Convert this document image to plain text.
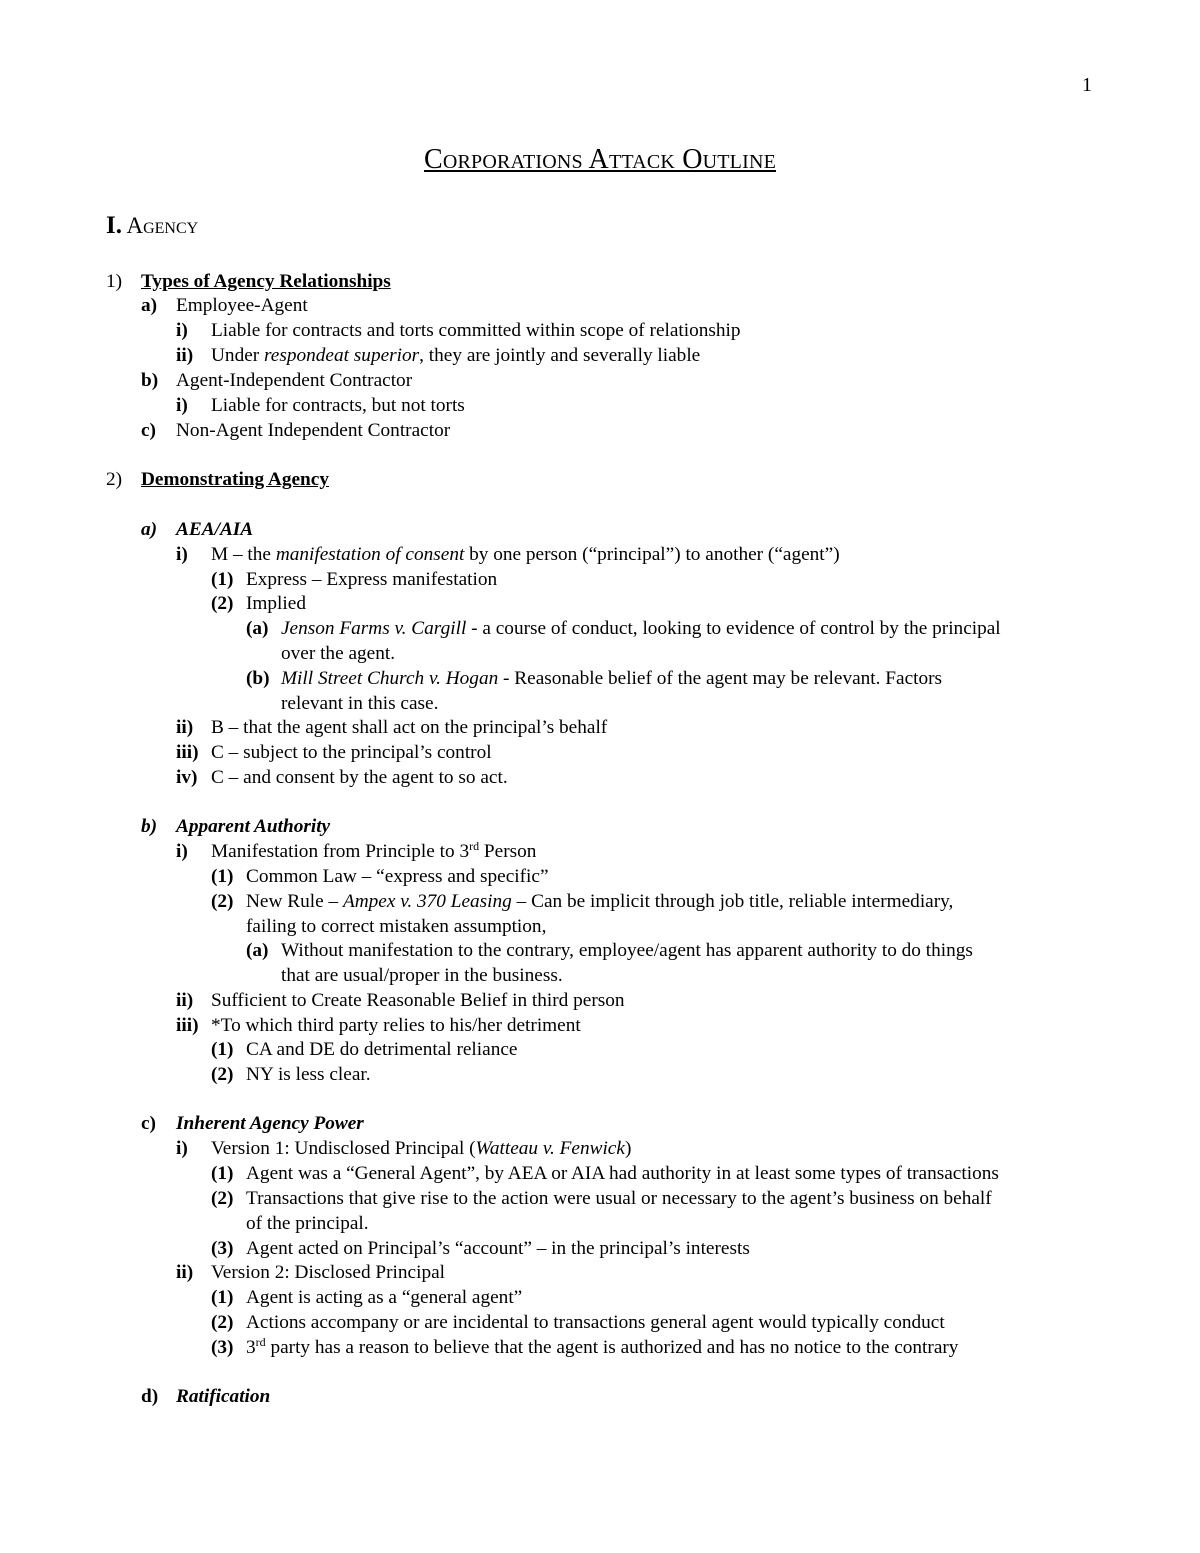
1
Corporations Attack Outline
I. Agency
1) Types of Agency Relationships
a) Employee-Agent
i) Liable for contracts and torts committed within scope of relationship
ii) Under respondeat superior, they are jointly and severally liable
b) Agent-Independent Contractor
i) Liable for contracts, but not torts
c) Non-Agent Independent Contractor
2) Demonstrating Agency
a) AEA/AIA
i) M – the manifestation of consent by one person (“principal”) to another (“agent”)
(1) Express – Express manifestation
(2) Implied
(a) Jenson Farms v. Cargill - a course of conduct, looking to evidence of control by the principal
over the agent.
(b) Mill Street Church v. Hogan - Reasonable belief of the agent may be relevant. Factors
relevant in this case.
ii) B – that the agent shall act on the principal’s behalf
iii) C – subject to the principal’s control
iv) C – and consent by the agent to so act.
b) Apparent Authority
i) Manifestation from Principle to 3rd Person
(1) Common Law – “express and specific”
(2) New Rule – Ampex v. 370 Leasing – Can be implicit through job title, reliable intermediary,
failing to correct mistaken assumption,
(a) Without manifestation to the contrary, employee/agent has apparent authority to do things
that are usual/proper in the business.
ii) Sufficient to Create Reasonable Belief in third person
iii) *To which third party relies to his/her detriment
(1) CA and DE do detrimental reliance
(2) NY is less clear.
c) Inherent Agency Power
i) Version 1: Undisclosed Principal (Watteau v. Fenwick)
(1) Agent was a “General Agent”, by AEA or AIA had authority in at least some types of transactions
(2) Transactions that give rise to the action were usual or necessary to the agent’s business on behalf
of the principal.
(3) Agent acted on Principal’s “account” – in the principal’s interests
ii) Version 2: Disclosed Principal
(1) Agent is acting as a “general agent”
(2) Actions accompany or are incidental to transactions general agent would typically conduct
(3) 3rd party has a reason to believe that the agent is authorized and has no notice to the contrary
d) Ratification
